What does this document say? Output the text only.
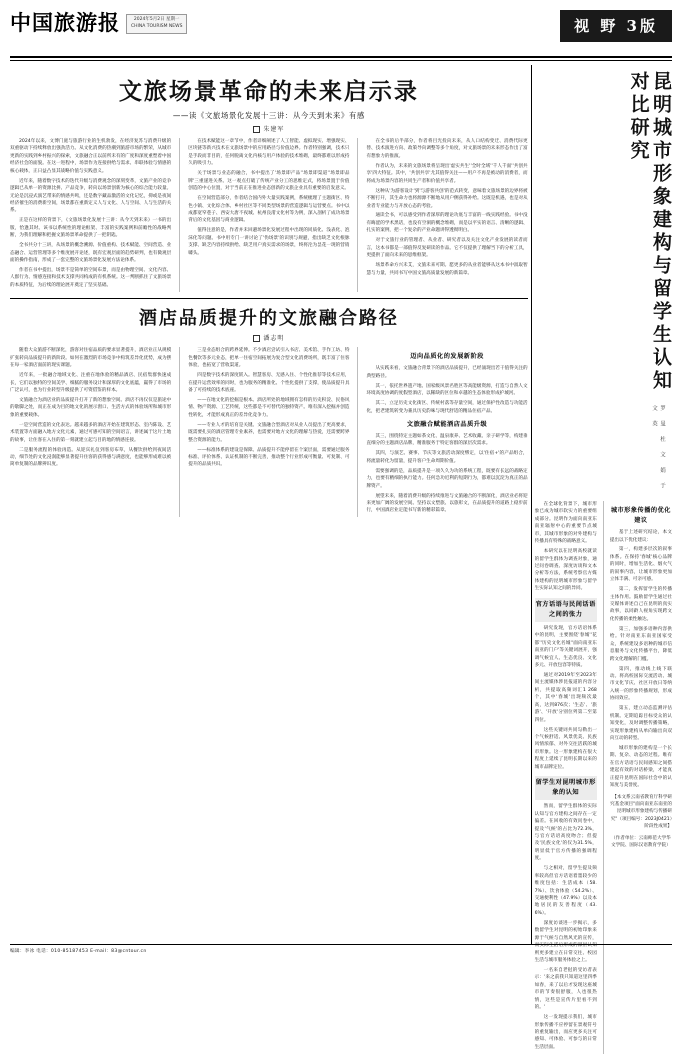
中国旅游报	2024年5月2日 星期一
CHINA TOURISM NEWS	视 野 3版
文旅场景革命的未来启示录
——读《文旅场景化发展十三讲：从今天到未来》有感
朱建军

2024年以来，文博门庭与旅游行业的生机勃发，在经济复苏与消费升级的双重驱动下持续释放出强劲活力。从文化消费的热潮到旅游市场的繁荣，从城市更新的实践到乡村振兴的探索，文旅融合正以前所未有的广度和深度重塑着中国经济社会的面貌。在这一进程中，场景作为连接供给与需求、串联体验与情感的核心载体，正日益凸显其战略价值与实践意义。

近年来，随着数字技术的迭代升级与消费观念的深刻变革，文旅产业的竞争逻辑已从单一的资源比拼、产品竞争，转向以场景创新为核心的综合能力较量。无论是沉浸式演艺带来的情感共鸣，还是数字藏品激活的文化记忆，抑或是夜间经济催生的消费新空间，场景都在重新定义人与文化、人与空间、人与生活的关系。

正是在这样的背景下，《文旅场景化发展十三讲：从今天到未来》一书的出版，恰逢其时。该书以系统性的理论框架、丰富的实践案例和前瞻性的战略判断，为我们理解和把握文旅场景革命提供了一把钥匙。

全书共分十三讲，从场景的概念溯源、价值重构、技术赋能、空间营造、业态融合、运营管理等多个维度展开论述，既有宏观层面的趋势研判，也有微观层面的操作指南，形成了一套完整的文旅场景化发展方法论体系。

作者在书中提出，场景不是简单的空间布景，而是由物理空间、文化内容、人群行为、情感连接和技术支撑共同构成的有机系统。这一判断抓住了文旅场景的本质特征，为后续的理论展开奠定了坚实基础。

在技术赋能这一章节中，作者详细阐述了人工智能、虚拟现实、增强现实、区块链等新兴技术在文旅场景中的应用路径与价值边界。作者特别强调，技术只是手段而非目的，任何脱离文化内核与用户体验的技术堆砌，最终都难以形成持久的吸引力。

关于场景与业态的融合，书中提出了'场景即产品''场景即渠道''场景即品牌'三重递进关系。这一观点打破了传统产业分工的思维定式，将场景置于价值创造的中心位置，对于当前正在推进业态创新的文旅企业具有重要的启发意义。

在空间营造部分，作者结合国内外大量实践案例，系统梳理了主题街区、特色小镇、文化综合体、乡村社区等不同类型场景的营造逻辑与运营要点。书中以成都宽窄巷子、西安大唐不夜城、杭州良渚文化村等为例，深入剖析了成功场景背后的文化基因与商业逻辑。

值得注意的是，作者并未回避场景化发展过程中出现的同质化、浅表化、泡沫化等问题。书中用专门一讲讨论了'伪场景'的识别与规避，指出缺乏文化根脉支撑、缺乏内容持续供给、缺乏用户真实需求的场景，终将沦为昙花一现的营销噱头。

在全书的后半部分，作者将目光投向未来，从人口结构变迁、消费代际更替、技术演进方向、政策导向调整等多个角度，对文旅场景的未来形态作出了富有想象力的推演。

作者认为，未来的文旅场景将呈现出'虚实共生''全时全域''千人千面''共创共享'四大特征。其中，'共创共享'尤其值得关注——用户不再是被动的消费者，而将成为场景内容的共同生产者和价值共享者。

这种从'为游客设计'到'与游客共创'的范式转变，意味着文旅场景的边界将被不断打开，其生命力也将源源不断地从用户侧获得补给。这既是机遇，也是对从业者专业能力与开放心态的考验。

通读全书，可以感受到作者深厚的理论功底与丰富的一线实践经验。书中没有晦涩的学术黑话，也没有空洞的概念堆砌，而是以平实的语言、清晰的逻辑、扎实的案例，把一个复杂的产业命题讲得透彻明白。

对于文旅行业的管理者、从业者、研究者以及关注文化产业发展的读者而言，这本书都是一部值得反复研读的作品。它不仅提供了理解当下的分析工具，更提供了面向未来的思维框架。

场景革命方兴未艾，文旅未来可期。愿更多的从业者能够从这本书中汲取智慧与力量，共同书写中国文旅高质量发展的新篇章。

酒店品质提升的文旅融合路径
潘志明

随着大众旅游不断深化，游客对住宿品质的要求显著提升，酒店业正从规模扩张转向品质提升的新阶段。如何在激烈的市场竞争中构筑差异化优势，成为摆在每一家酒店面前的现实课题。

近年来，一批融合地域文化、注重在地体验的精品酒店、民宿集群快速成长，它们以独特的空间美学、细腻的服务设计和深厚的文化底蕴，赢得了市场的广泛认可，也为行业转型升级提供了可资借鉴的样本。

文旅融合为酒店业的品质提升打开了新的想象空间。酒店不再仅仅是旅途中的歇脚之处，而正在成为目的地文化的展示窗口、生活方式的体验场所和城市形象的重要载体。

一是空间营造的文化表达。越来越多的酒店开始在建筑形态、室内陈设、艺术装置等方面融入地方文化元素，通过可感可知的空间语言，讲述属于这片土地的故事，让住客在入住的第一刻就建立起与目的地的情感连接。

二是服务流程的体验再造。从迎宾礼仪到客房布草，从餐饮供给到夜间活动，细节处的文化浸润能够显著提升住客的获得感与满意度，也能够形成难以被简单复制的品牌辨识度。

三是业态组合的跨界延伸。不少酒店尝试引入书店、美术馆、手作工坊、特色餐饮等多元业态，把单一住宿空间拓展为复合型文化消费场所，既丰富了住客体验，也拓宽了营收渠道。

四是数字技术的深度嵌入。智慧客房、无感入住、个性化推荐等技术应用，在提升运营效率的同时，也为服务的精准化、个性化提供了支撑，使品质提升具备了可持续的技术底座。

——在地文化的挖掘是根本。酒店所处的地域拥有怎样的历史积淀、民俗风情、物产资源、工艺传统，这些都是不可替代的独特资产。唯有深入挖掘并创造性转化，才能形成真正的差异化竞争力。

——专业人才的培育是关键。文旅融合型酒店对从业人员提出了更高要求，既需要扎实的酒店管理专业素养，也需要对地方文化的理解与热爱，还需要跨界整合资源的能力。

——标准体系的建设是保障。品质提升不能停留在个案层面，需要通过服务标准、评价体系、认证机制的不断完善，推动整个行业形成可衡量、可复制、可提升的品质共识。

迈向品质化的发展新阶段

从实践来看，文旅融合背景下的酒店品质提升，已经涌现出若干值得关注的典型路径。

其一，依托世界遗产地、国家级风景名胜区等高能级资源，打造与自然人文环境高度协调的度假型酒店，以稀缺的区位和卓越的生态体验形成护城河。

其二，立足历史文化街区、传统村落等存量空间，通过保护性改造与功能活化，把老建筑转变为兼具历史韵味与现代舒适的精品住宿产品。

文旅融合赋能酒店品质升级

其三，围绕特定主题如茶文化、温泉康养、艺术收藏、亲子研学等，构建垂直细分的主题酒店品牌，精准服务于特定客群的深层次需求。

其四，与演艺、赛事、节庆等文旅活动深度绑定，以'住宿+'的产品组合，将流量转化为留量，提升客户生命周期价值。

需要强调的是，品质提升是一项久久为功的系统工程，既要有长远的战略定力，也要有精细的执行能力。任何急功近利的短期行为，都难以沉淀为真正的品牌资产。

展望未来，随着消费升级的持续推进与文旅融合的不断深化，酒店业必将迎来更加广阔的发展空间。坚持以文塑旅、以旅彰文，在品质提升的道路上稳步前行，中国酒店业定能书写新的精彩篇章。

昆明城市形象建构与留学生认知对比研究
罗 曼 杜 文 娟 于 文 英

在全球化背景下，城市形象已成为城市软实力的重要组成部分。昆明作为面向南亚东南亚辐射中心的重要节点城市，其城市形象的对外建构与传播具有特殊的战略意义。

本研究以在昆明高校就读的留学生群体为调查对象，通过问卷调查、深度访谈和文本分析等方法，系统考察官方媒体建构的昆明城市形象与留学生实际认知之间的异同。

官方话语与民间话语之间的张力

研究发现，官方话语体系中的昆明，主要围绕'春城''花都''历史文化名城''面向南亚东南亚的门户'等关键词展开，强调气候宜人、生态优良、文化多元、开放包容等特质。

通过对2019年至2023年间主流媒体涉昆报道的内容分析，共提取高频词汇1 268个，其中'春城'出现频次最高，达到876次；'生态'、'旅游'、'开放'分别位列第二至第四位。

这些关键词共同勾勒出一个气候舒适、风景优美、民族风情浓郁、对外交往活跃的城市形象。这一形象建构在很大程度上延续了昆明长期以来的城市品牌定位。

留学生对昆明城市形象的认知

然而，留学生群体的实际认知与官方建构之间存在一定偏差。在回收的有效问卷中，提及'气候'的占比为72.3%，与官方话语高度吻合；但提及'民族文化'的仅为31.5%，明显低于官方传播的强调程度。

与之相对，留学生提及频率较高但官方话语着墨较少的维度包括：生活成本（58.7%）、饮食体验（54.2%）、交通便利性（47.9%）以及本地居民的友善程度（43.6%）。

深度访谈进一步揭示，多数留学生对昆明的初始印象来源于气候与自然风光的宣传，而实际生活后形成的深层认知则更多建立在日常交往、校园生活与城市服务体验之上。

一名来自老挝的受访者表示：'来之前我只知道这里四季如春，来了以后才发现这座城市的节奏很舒服，人也很热情，这些是宣传片里看不到的。'

这一发现提示我们，城市形象传播不应停留在景观符号的重复输出，而应更多关注可感知、可体验、可参与的日常生活层面。

城市形象传播的优化建议

基于上述研究结论，本文提出以下优化建议：

第一，构建多层次的叙事体系。在保持'春城'核心品牌的同时，增加生活化、烟火气的叙事内容，让城市形象更加立体丰满、可亲可感。

第二，发挥留学生的传播主体作用。鼓励留学生通过社交媒体讲述自己在昆明的真实故事，以同龄人视角实现跨文化传播的柔性触达。

第三，加强多语种内容供给。针对南亚东南亚国家受众，系统建设多语种的城市信息服务与文化传播平台，降低跨文化理解的门槛。

第四，推动线上线下联动。将高校国际交流活动、城市文化节庆、社区开放日等纳入统一的形象传播规划，形成协同效应。

第五，建立动态监测评估机制。定期追踪目标受众的认知变化，及时调整传播策略，实现形象建构从单向输出向双向互动的转型。

城市形象的建构是一个长期、复杂、动态的过程。唯有在官方话语与民间感知之间搭建起有效的对话桥梁，才能真正提升昆明在国际社会中的认知度与美誉度。

【本文系云南省教育厅科学研究基金项目"面向南亚东南亚的昆明城市形象建构与传播研究"（项目编号：2023J0421）阶段性成果】
（作者单位：云南师范大学华文学院、国际汉语教育学院）
编辑：李冰 电话：010-85187453 E-mail：83@cntour.cn
